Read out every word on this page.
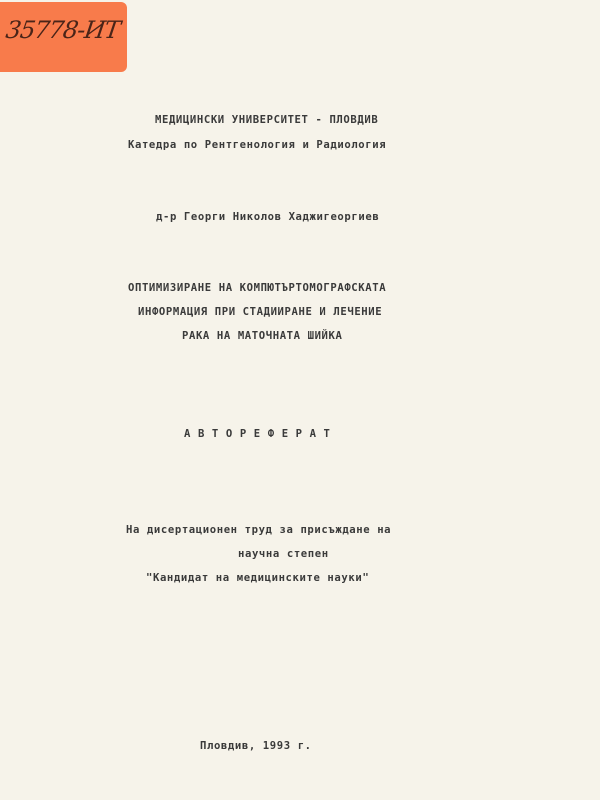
35778-ИТ
МЕДИЦИНСКИ УНИВЕРСИТЕТ - ПЛОВДИВ
Катедра по Рентгенология и Радиология
д-р Георги Николов Хаджигеоргиев
ОПТИМИЗИРАНЕ НА КОМПЮТЪРТОМОГРАФСКАТА
ИНФОРМАЦИЯ ПРИ СТАДИИРАНЕ И ЛЕЧЕНИЕ
РАКА НА МАТОЧНАТА ШИЙКА
А В Т О Р Е Ф Е Р А Т
На дисертационен труд за присъждане на
научна степен
"Кандидат на медицинските науки"
Пловдив, 1993 г.
